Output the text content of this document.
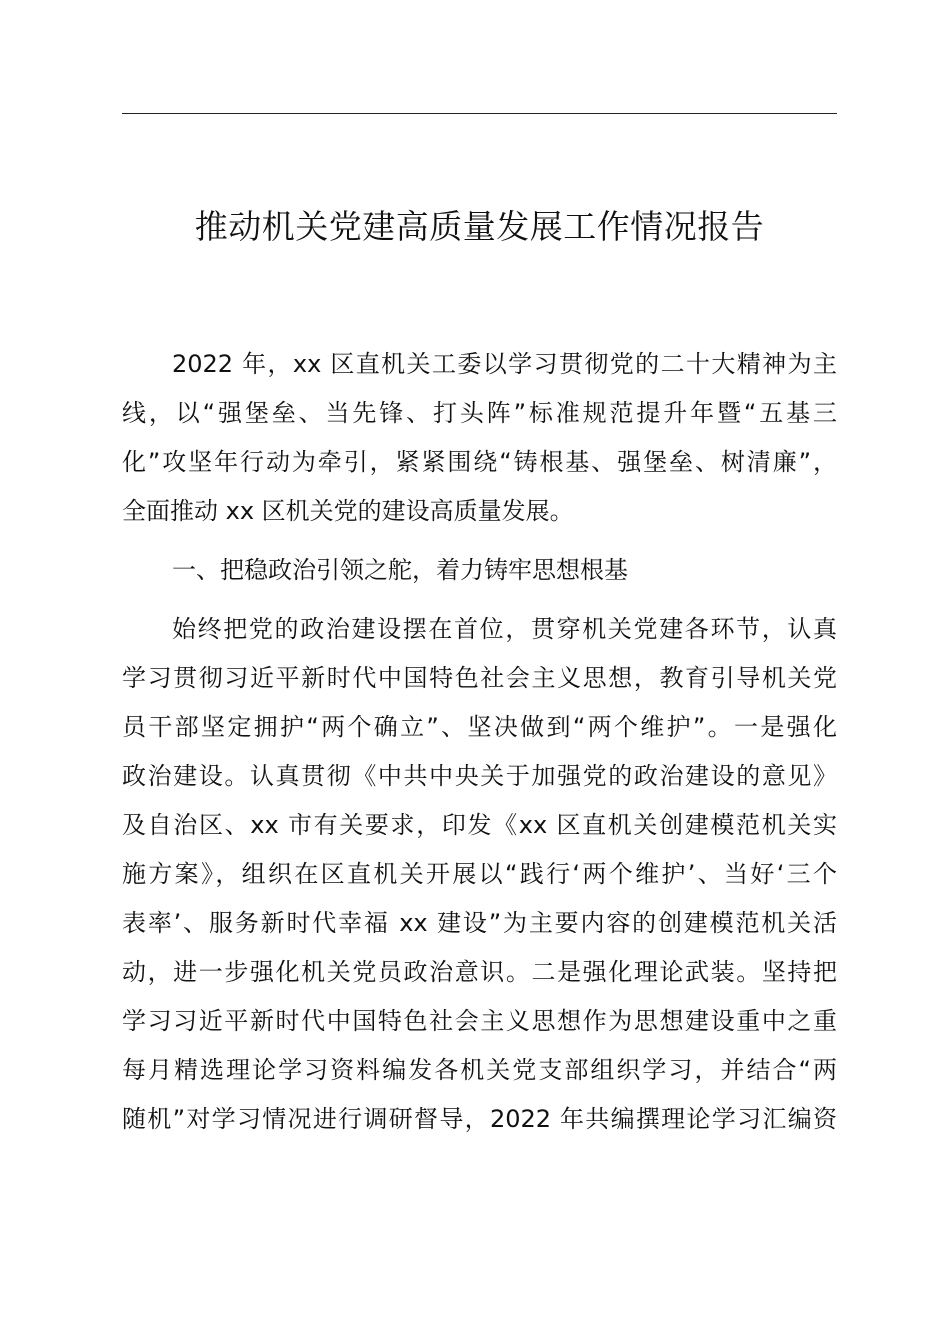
推动机关党建高质量发展工作情况报告
2022 年，xx 区直机关工委以学习贯彻党的二十大精神为主
线，以“强堡垒、当先锋、打头阵”标准规范提升年暨“五基三
化”攻坚年行动为牵引，紧紧围绕“铸根基、强堡垒、树清廉”，
全面推动 xx 区机关党的建设高质量发展。
一、把稳政治引领之舵，着力铸牢思想根基
始终把党的政治建设摆在首位，贯穿机关党建各环节，认真
学习贯彻习近平新时代中国特色社会主义思想，教育引导机关党
员干部坚定拥护“两个确立”、坚决做到“两个维护”。一是强化
政治建设。认真贯彻《中共中央关于加强党的政治建设的意见》
及自治区、xx 市有关要求，印发《xx 区直机关创建模范机关实
施方案》，组织在区直机关开展以“践行‘两个维护’、当好‘三个
表率’、服务新时代幸福 xx 建设”为主要内容的创建模范机关活
动，进一步强化机关党员政治意识。二是强化理论武装。坚持把
学习习近平新时代中国特色社会主义思想作为思想建设重中之重
每月精选理论学习资料编发各机关党支部组织学习，并结合“两
随机”对学习情况进行调研督导，2022 年共编撰理论学习汇编资
